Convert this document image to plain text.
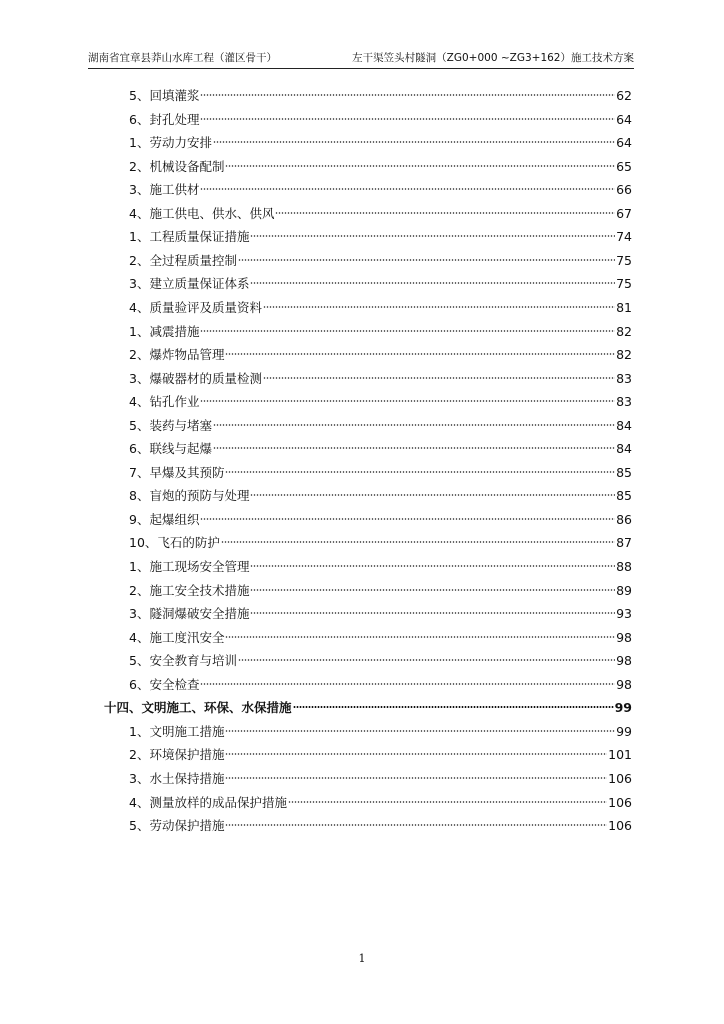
湖南省宜章县莽山水库工程（灌区骨干）	左干渠笠头村隧洞（ZG0+000 ~ZG3+162）施工技术方案
5、 回填灌浆	62
6、 封孔处理	64
1、 劳动力安排	64
2、 机械设备配制	65
3、 施工供材	66
4、 施工供电、供水、供风	67
1、 工程质量保证措施	74
2、 全过程质量控制	75
3、 建立质量保证体系	75
4、 质量验评及质量资料	81
1、 减震措施	82
2、 爆炸物品管理	82
3、 爆破器材的质量检测	83
4、 钻孔作业	83
5、 装药与堵塞	84
6、 联线与起爆	84
7、 早爆及其预防	85
8、 盲炮的预防与处理	85
9、 起爆组织	86
10、 飞石的防护	87
1、 施工现场安全管理	88
2、 施工安全技术措施	89
3、 隧洞爆破安全措施	93
4、 施工度汛安全	98
5、 安全教育与培训	98
6、 安全检查	98
十四、 文明施工、环保、水保措施	99
1、 文明施工措施	99
2、 环境保护措施	101
3、 水土保持措施	106
4、 测量放样的成品保护措施	106
5、 劳动保护措施	106
1
